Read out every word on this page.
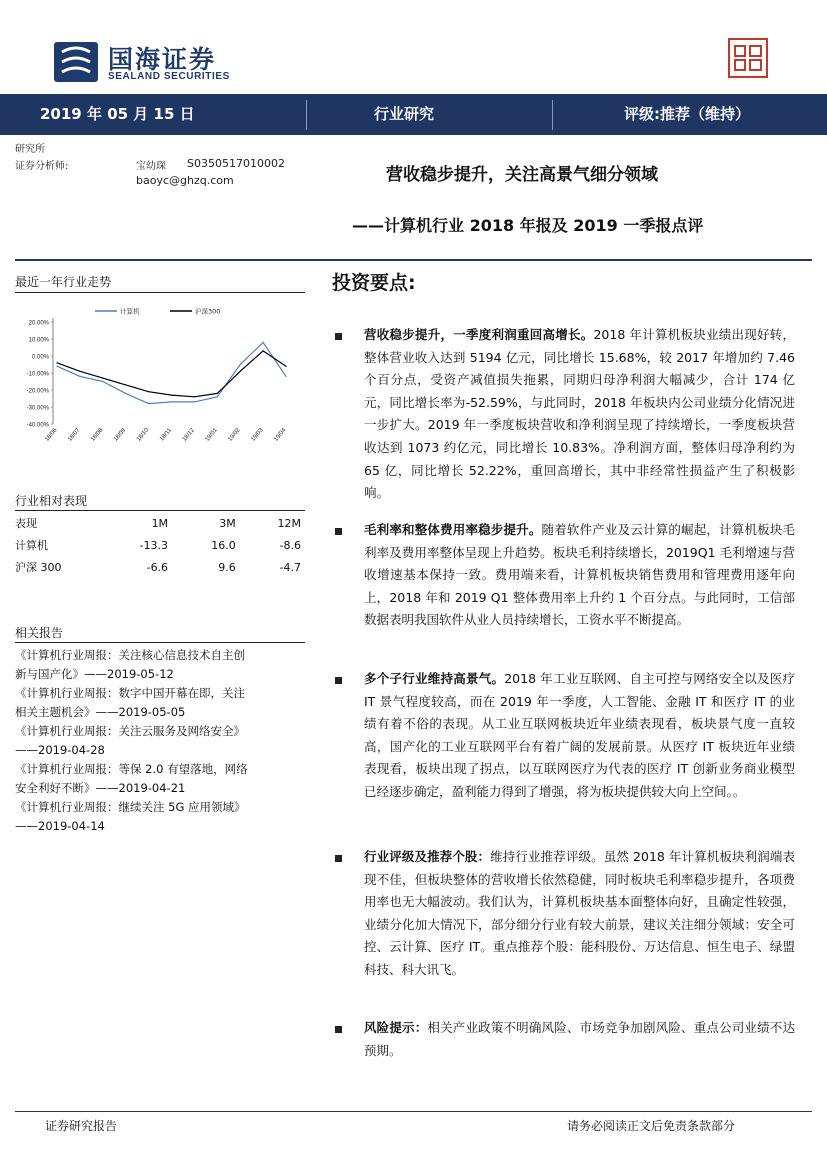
国海证券
SEALAND SECURITIES
2019 年 05 月 15 日	行业研究	评级:推荐（维持）
研究所
证券分析师:	宝幼琛 S0350517010002
baoyc@ghzq.com	营收稳步提升，关注高景气细分领域
——计算机行业 2018 年报及 2019 一季报点评
最近一年行业走势
20.00%
10.00%
0.00%
-10.00%
-20.00%
-30.00%
-40.00%
18/06 18/07 18/08 18/09 18/10 18/11 18/12 19/01 19/02 19/03 19/04
计算机	沪深300
行业相对表现
表现	1M	3M	12M
计算机	-13.3	16.0	-8.6
沪深 300	-6.6	9.6	-4.7
相关报告
《计算机行业周报：关注核心信息技术自主创
新与国产化》——2019-05-12
《计算机行业周报：数字中国开幕在即，关注
相关主题机会》——2019-05-05
《计算机行业周报：关注云服务及网络安全》
——2019-04-28
《计算机行业周报：等保 2.0 有望落地，网络
安全利好不断》——2019-04-21
《计算机行业周报：继续关注 5G 应用领域》
——2019-04-14
投资要点:
营收稳步提升，一季度利润重回高增长。2018 年计算机板块业绩出现好转，整体营业收入达到 5194 亿元，同比增长 15.68%，较 2017 年增加约 7.46 个百分点，受资产减值损失拖累，同期归母净利润大幅减少，合计 174 亿元，同比增长率为-52.59%，与此同时，2018 年板块内公司业绩分化情况进一步扩大。2019 年一季度板块营收和净利润呈现了持续增长，一季度板块营收达到 1073 约亿元，同比增长 10.83%。净利润方面，整体归母净利约为 65 亿，同比增长 52.22%，重回高增长，其中非经常性损益产生了积极影响。
毛利率和整体费用率稳步提升。随着软件产业及云计算的崛起，计算机板块毛利率及费用率整体呈现上升趋势。板块毛利持续增长，2019Q1 毛利增速与营收增速基本保持一致。费用端来看，计算机板块销售费用和管理费用逐年向上，2018 年和 2019 Q1 整体费用率上升约 1 个百分点。与此同时，工信部数据表明我国软件从业人员持续增长，工资水平不断提高。
多个子行业维持高景气。2018 年工业互联网、自主可控与网络安全以及医疗 IT 景气程度较高，而在 2019 年一季度，人工智能、金融 IT 和医疗 IT 的业绩有着不俗的表现。从工业互联网板块近年业绩表现看，板块景气度一直较高，国产化的工业互联网平台有着广阔的发展前景。从医疗 IT 板块近年业绩表现看，板块出现了拐点，以互联网医疗为代表的医疗 IT 创新业务商业模型已经逐步确定，盈利能力得到了增强，将为板块提供较大向上空间。。
行业评级及推荐个股：维持行业推荐评级。虽然 2018 年计算机板块利润端表现不佳，但板块整体的营收增长依然稳健，同时板块毛利率稳步提升，各项费用率也无大幅波动。我们认为，计算机板块基本面整体向好，且确定性较强，业绩分化加大情况下，部分细分行业有较大前景，建议关注细分领域：安全可控、云计算、医疗 IT。重点推荐个股：能科股份、万达信息、恒生电子、绿盟科技、科大讯飞。
风险提示：相关产业政策不明确风险、市场竞争加剧风险、重点公司业绩不达预期。
证券研究报告	请务必阅读正文后免责条款部分
